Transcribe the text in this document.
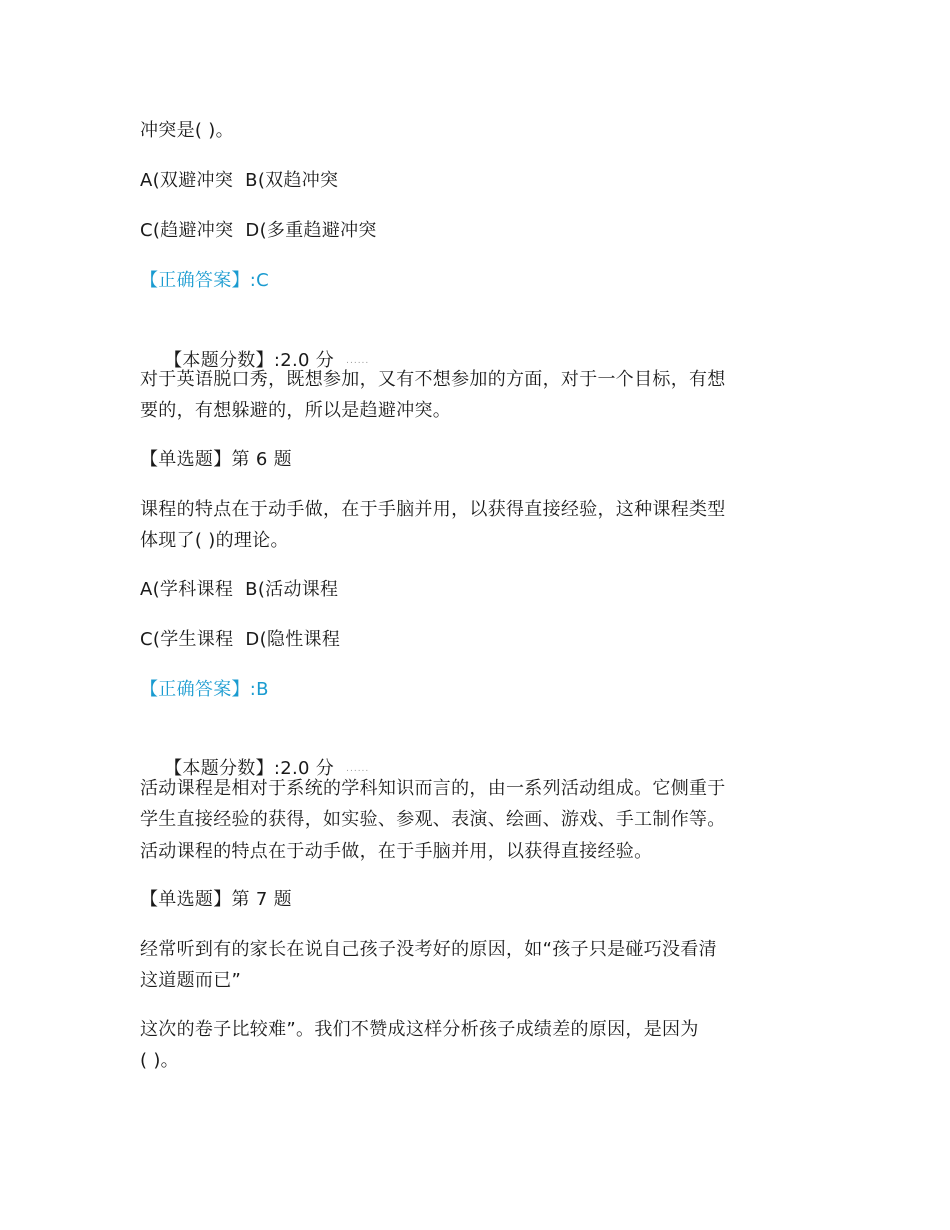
冲突是( )。
A(双避冲突  B(双趋冲突
C(趋避冲突  D(多重趋避冲突
【正确答案】:C

【本题分数】:2.0 分 ......

对于英语脱口秀，既想参加，又有不想参加的方面，对于一个目标，有想
要的，有想躲避的，所以是趋避冲突。
【单选题】第 6 题
课程的特点在于动手做，在于手脑并用，以获得直接经验，这种课程类型
体现了( )的理论。
A(学科课程  B(活动课程
C(学生课程  D(隐性课程
【正确答案】:B

【本题分数】:2.0 分 ......

活动课程是相对于系统的学科知识而言的，由一系列活动组成。它侧重于
学生直接经验的获得，如实验、参观、表演、绘画、游戏、手工制作等。
活动课程的特点在于动手做，在于手脑并用，以获得直接经验。
【单选题】第 7 题
经常听到有的家长在说自己孩子没考好的原因，如“孩子只是碰巧没看清
这道题而已”
这次的卷子比较难”。我们不赞成这样分析孩子成绩差的原因，是因为
( )。
